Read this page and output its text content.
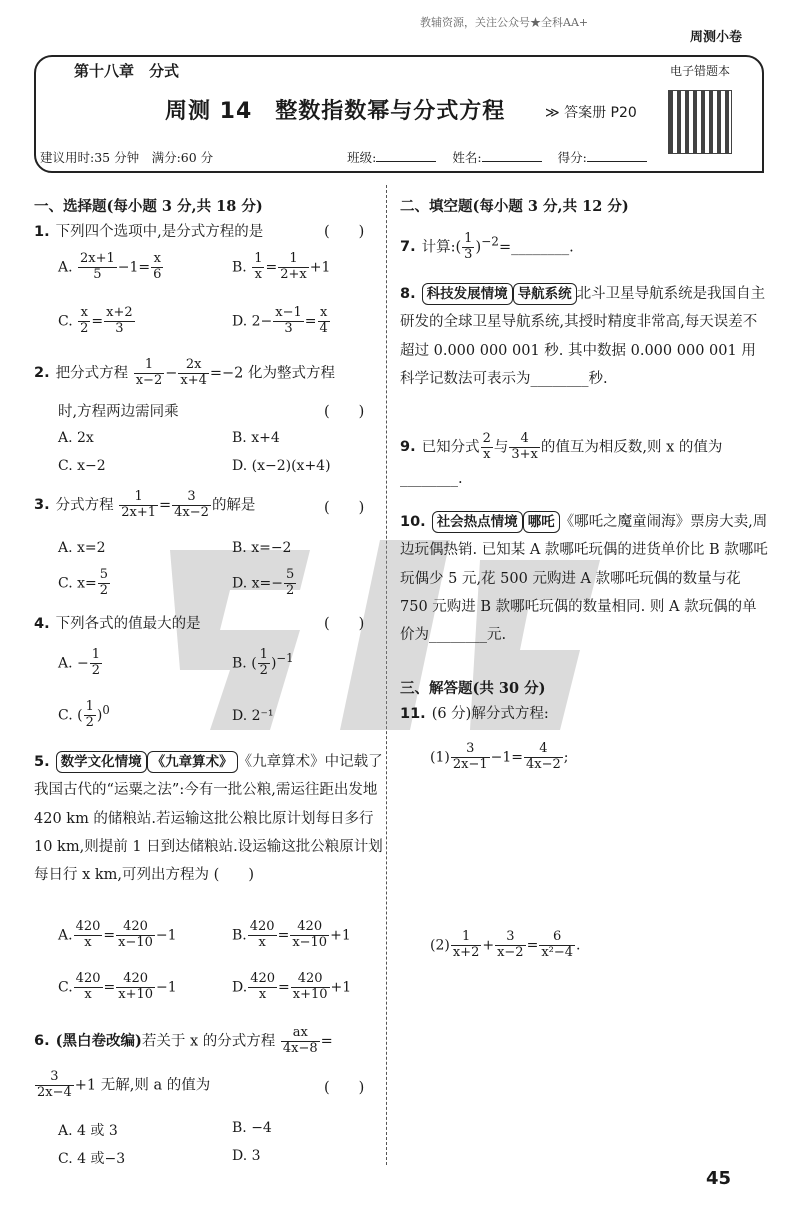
教辅资源，关注公众号★全科AA+
周测小卷
第十八章　分式
周测 14　整数指数幂与分式方程	≫ 答案册 P20
电子错题本
建议用时:35 分钟　满分:60 分	班级:	姓名:	得分:
一、选择题(每小题 3 分,共 18 分)
1. 下列四个选项中,是分式方程的是	(　　)
A. $\frac{2x+1}{5} -1= \frac{x}{6}$	B. $\frac{1}{x} = \frac{1}{2+x} +1$
C. $\frac{x}{2} = \frac{x+2}{3}$	D. $2- \frac{x-1}{3} = \frac{x}{4}$
2. 把分式方程 $\frac{1}{x-2} - \frac{2x}{x+4} =-2$ 化为整式方程
时,方程两边需同乘	(　　)
A. 2x	B. x+4
C. x−2	D. (x−2)(x+4)
3. 分式方程 $\frac{1}{2x+1} = \frac{3}{4x-2}$ 的解是	(　　)
A. x=2	B. x=−2
C. $x= \frac{5}{2}$	D. $x=- \frac{5}{2}$
4. 下列各式的值最大的是	(　　)
A. − $\frac{1}{2}$	B. ( $\frac{1}{2} )^{-1}$
C. ( $\frac{1}{2} )^0$	D. 2⁻¹
5. 数学文化情境 《九章算术》 《九章算术》中记载了我国古代的“运粟之法”:今有一批公粮,需运往距出发地 420 km 的储粮站.若运输这批公粮比原计划每日多行 10 km,则提前 1 日到达储粮站.设运输这批公粮原计划每日行 x km,可列出方程为 (　　)
A. $\frac{420}{x} = \frac{420}{x-10} -1$	B. $\frac{420}{x} = \frac{420}{x-10} +1$
C. $\frac{420}{x} = \frac{420}{x+10} -1$	D. $\frac{420}{x} = \frac{420}{x+10} +1$
6. (黑白卷改编)若关于 x 的分式方程 $\frac{ax}{4x-8}$ =
$\frac{3}{2x-4} +1$ 无解,则 a 的值为	(　　)
A. 4 或 3	B. −4
C. 4 或−3	D. 3
二、填空题(每小题 3 分,共 12 分)
7. 计算:( $\frac{1}{3}$ )$^{-2}$=________.
8. 科技发展情境 导航系统 北斗卫星导航系统是我国自主研发的全球卫星导航系统,其授时精度非常高,每天误差不超过 0.000 000 001 秒. 其中数据 0.000 000 001 用科学记数法可表示为________秒.
9. 已知分式 $\frac{2}{x}$ 与 $\frac{4}{3+x}$ 的值互为相反数,则 x 的值为________.
10. 社会热点情境 哪吒 《哪吒之魔童闹海》票房大卖,周边玩偶热销. 已知某 A 款哪吒玩偶的进货单价比 B 款哪吒玩偶少 5 元,花 500 元购进 A 款哪吒玩偶的数量与花 750 元购进 B 款哪吒玩偶的数量相同. 则 A 款玩偶的单价为________元.
三、解答题(共 30 分)
11. (6 分)解分式方程:
$(1) \frac{3}{2x-1} -1= \frac{4}{4x-2}$ ;
$(2) \frac{1}{x+2} + \frac{3}{x-2} = \frac{6}{\text{x²−4}}$ .
45
